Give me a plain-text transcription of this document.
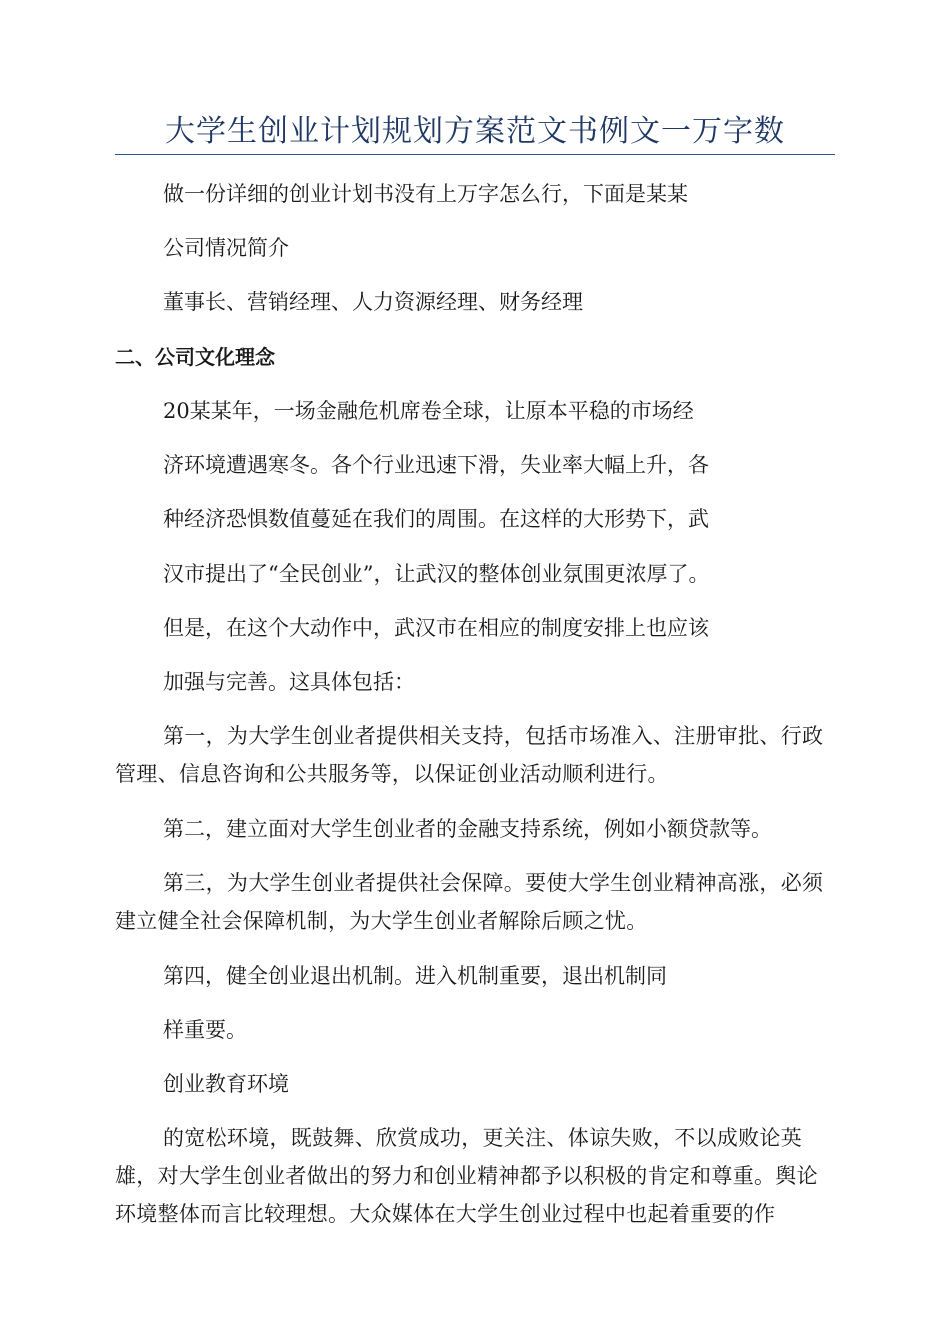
大学生创业计划规划方案范文书例文一万字数

做一份详细的创业计划书没有上万字怎么行，下面是某某

公司情况简介

董事长、营销经理、人力资源经理、财务经理

二、公司文化理念

20某某年，一场金融危机席卷全球，让原本平稳的市场经

济环境遭遇寒冬。各个行业迅速下滑，失业率大幅上升，各

种经济恐惧数值蔓延在我们的周围。在这样的大形势下，武

汉市提出了“全民创业”，让武汉的整体创业氛围更浓厚了。

但是，在这个大动作中，武汉市在相应的制度安排上也应该

加强与完善。这具体包括：

第一，为大学生创业者提供相关支持，包括市场准入、注册审批、行政管理、信息咨询和公共服务等，以保证创业活动顺利进行。

第二，建立面对大学生创业者的金融支持系统，例如小额贷款等。

第三，为大学生创业者提供社会保障。要使大学生创业精神高涨，必须建立健全社会保障机制，为大学生创业者解除后顾之忧。

第四，健全创业退出机制。进入机制重要，退出机制同

样重要。

创业教育环境

的宽松环境，既鼓舞、欣赏成功，更关注、体谅失败，不以成败论英雄，对大学生创业者做出的努力和创业精神都予以积极的肯定和尊重。舆论环境整体而言比较理想。大众媒体在大学生创业过程中也起着重要的作
